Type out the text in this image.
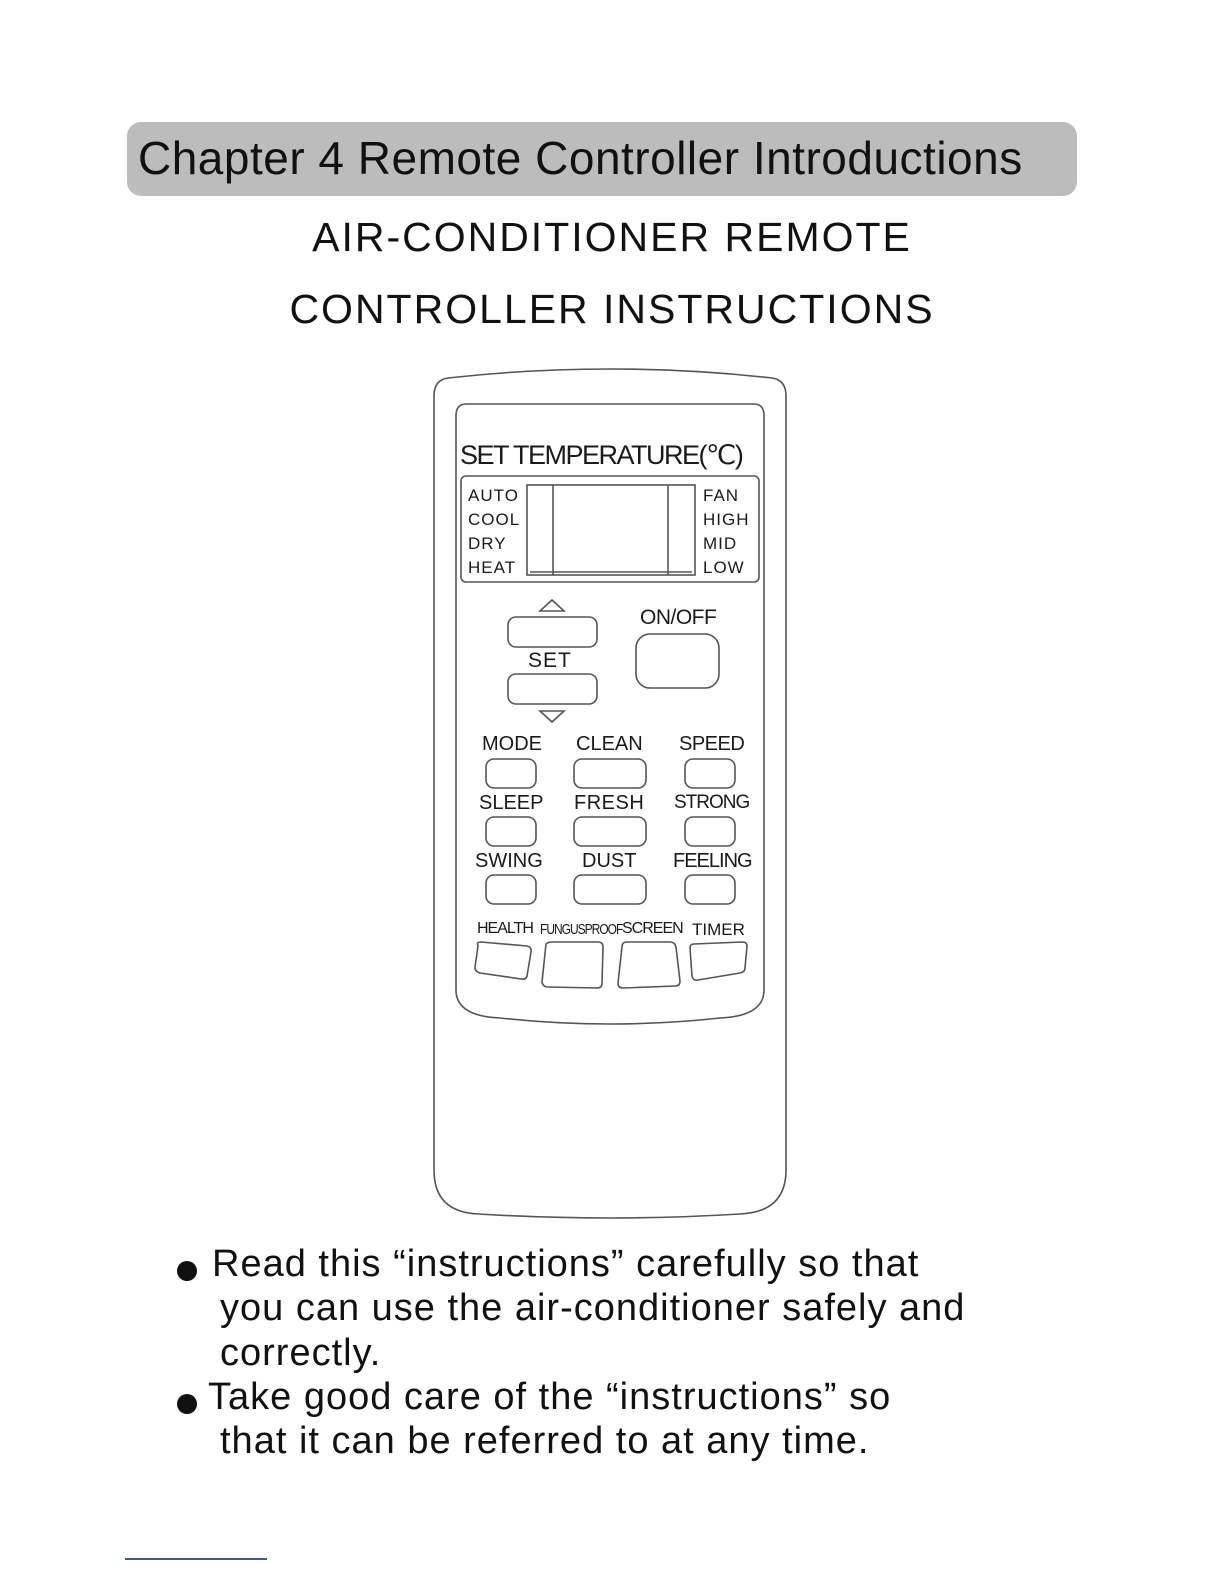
Chapter 4 Remote Controller Introductions
AIR-CONDITIONER REMOTE
CONTROLLER INSTRUCTIONS
SET TEMPERATURE(℃)
AUTO
COOL
DRY
HEAT
FAN
HIGH
MID
LOW
SET
ON/OFF
MODE CLEAN SPEED
SLEEP FRESH STRONG
SWING DUST FEELING
HEALTH FUNGUSPROOF SCREEN TIMER
Read this “instructions” carefully so that
you can use the air-conditioner safely and
correctly.
Take good care of the “instructions” so
that it can be referred to at any time.
